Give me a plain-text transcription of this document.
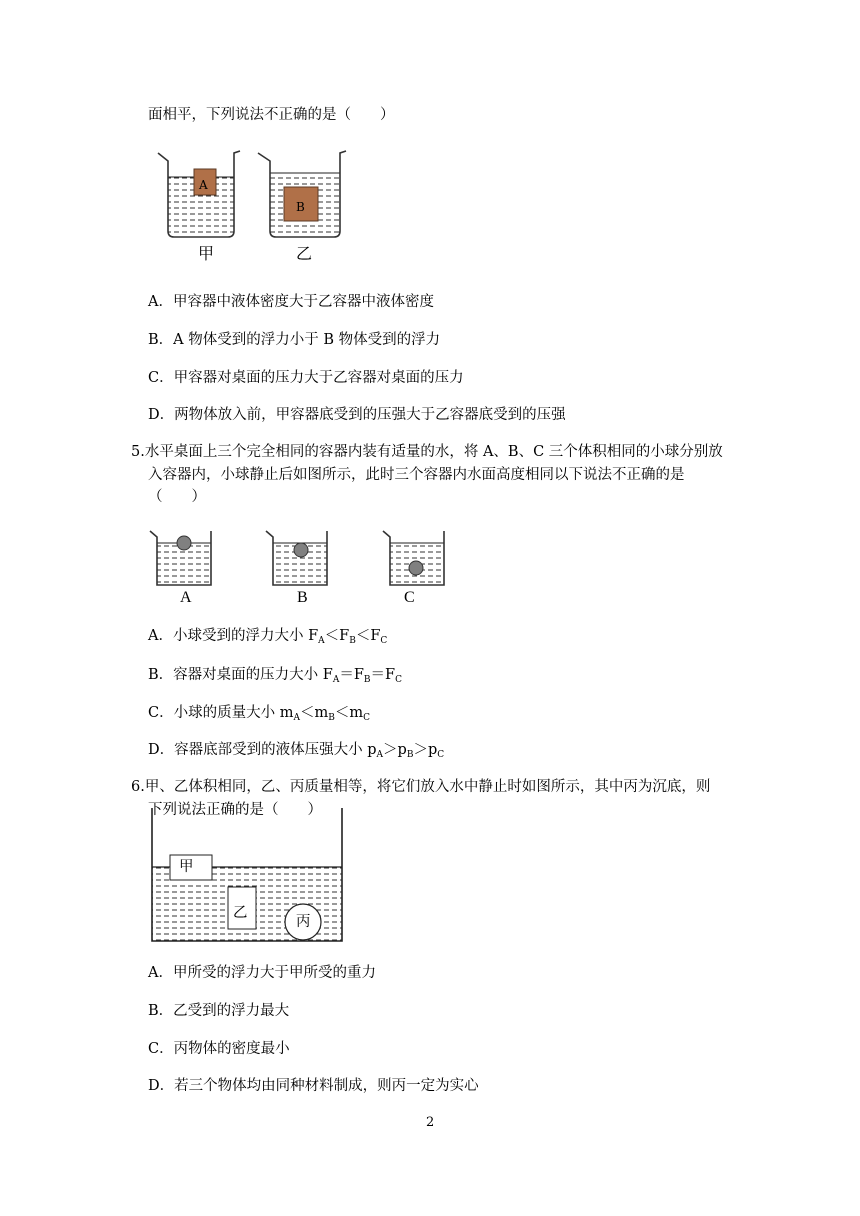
面相平，下列说法不正确的是（　　）
A
B
甲	乙
A．甲容器中液体密度大于乙容器中液体密度
B．A 物体受到的浮力小于 B 物体受到的浮力
C．甲容器对桌面的压力大于乙容器对桌面的压力
D．两物体放入前，甲容器底受到的压强大于乙容器底受到的压强
5.水平桌面上三个完全相同的容器内装有适量的水，将 A、B、C 三个体积相同的小球分别放
入容器内，小球静止后如图所示，此时三个容器内水面高度相同以下说法不正确的是
（　　）
A	B	C
A．小球受到的浮力大小 $F_A<F_B<F_C$
B．容器对桌面的压力大小 $F_A=F_B=F_C$
C．小球的质量大小 $m_A<m_B<m_C$
D．容器底部受到的液体压强大小 $p_A>p_B>p_C$
6.甲、乙体积相同，乙、丙质量相等，将它们放入水中静止时如图所示，其中丙为沉底，则
下列说法正确的是（　　）
甲
乙
丙
A．甲所受的浮力大于甲所受的重力
B．乙受到的浮力最大
C．丙物体的密度最小
D．若三个物体均由同种材料制成，则丙一定为实心
2
